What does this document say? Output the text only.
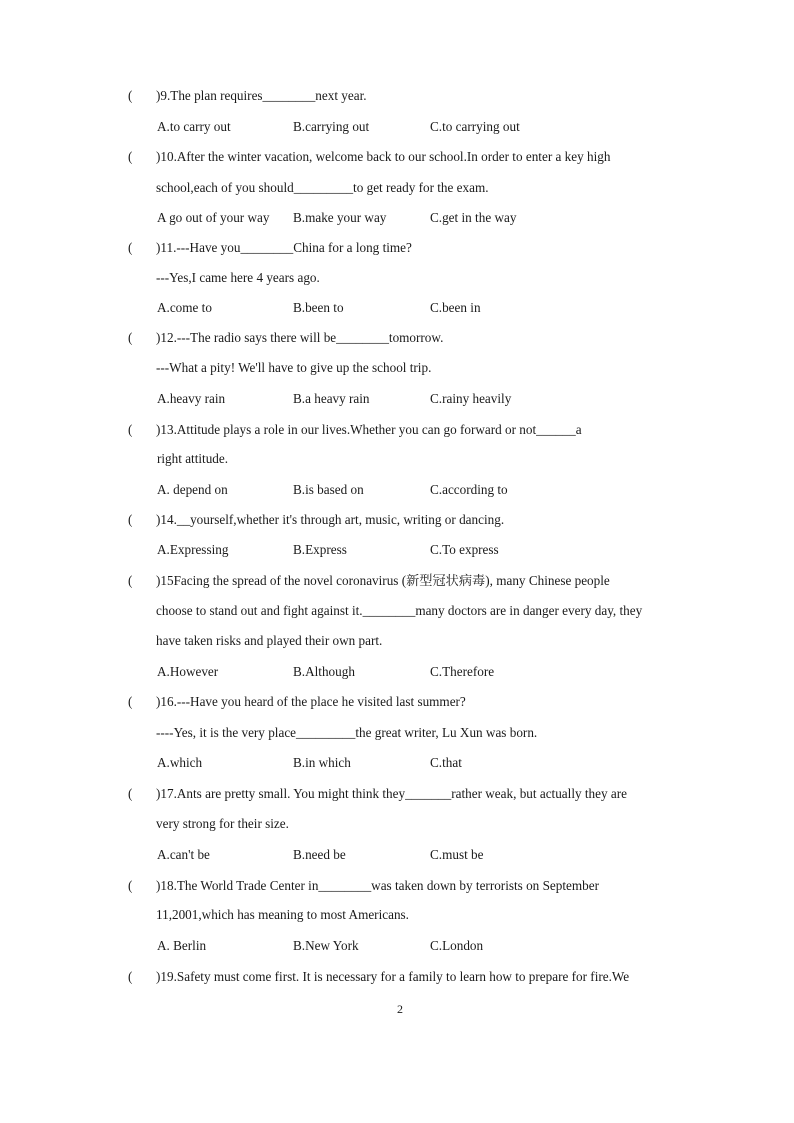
( )9.The plan requires________next year.
A.to carry out	B.carrying out	C.to carrying out
( )10.After the winter vacation, welcome back to our school.In order to enter a key high
school,each of you should_________to get ready for the exam.
A go out of your way B.make your way	C.get in the way
( )11.---Have you________China for a long time?
---Yes,I came here 4 years ago.
A.come to	B.been to	C.been in
( )12.---The radio says there will be________tomorrow.
---What a pity! We'll have to give up the school trip.
A.heavy rain	B.a heavy rain	C.rainy heavily
( )13.Attitude plays a role in our lives.Whether you can go forward or not______a
right attitude.
A. depend on	B.is based on	C.according to
( )14.__yourself,whether it's through art, music, writing or dancing.
A.Expressing	B.Express	C.To express
( )15Facing the spread of the novel coronavirus (新型冠状病毒), many Chinese people
choose to stand out and fight against it.________many doctors are in danger every day, they
have taken risks and played their own part.
A.However	B.Although	C.Therefore
( )16.---Have you heard of the place he visited last summer?
----Yes, it is the very place_________the great writer, Lu Xun was born.
A.which	B.in which	C.that
( )17.Ants are pretty small. You might think they_______rather weak, but actually they are
very strong for their size.
A.can't be	B.need be	C.must be
( )18.The World Trade Center in________was taken down by terrorists on September
11,2001,which has meaning to most Americans.
A. Berlin	B.New York	C.London
( )19.Safety must come first. It is necessary for a family to learn how to prepare for fire.We
2
